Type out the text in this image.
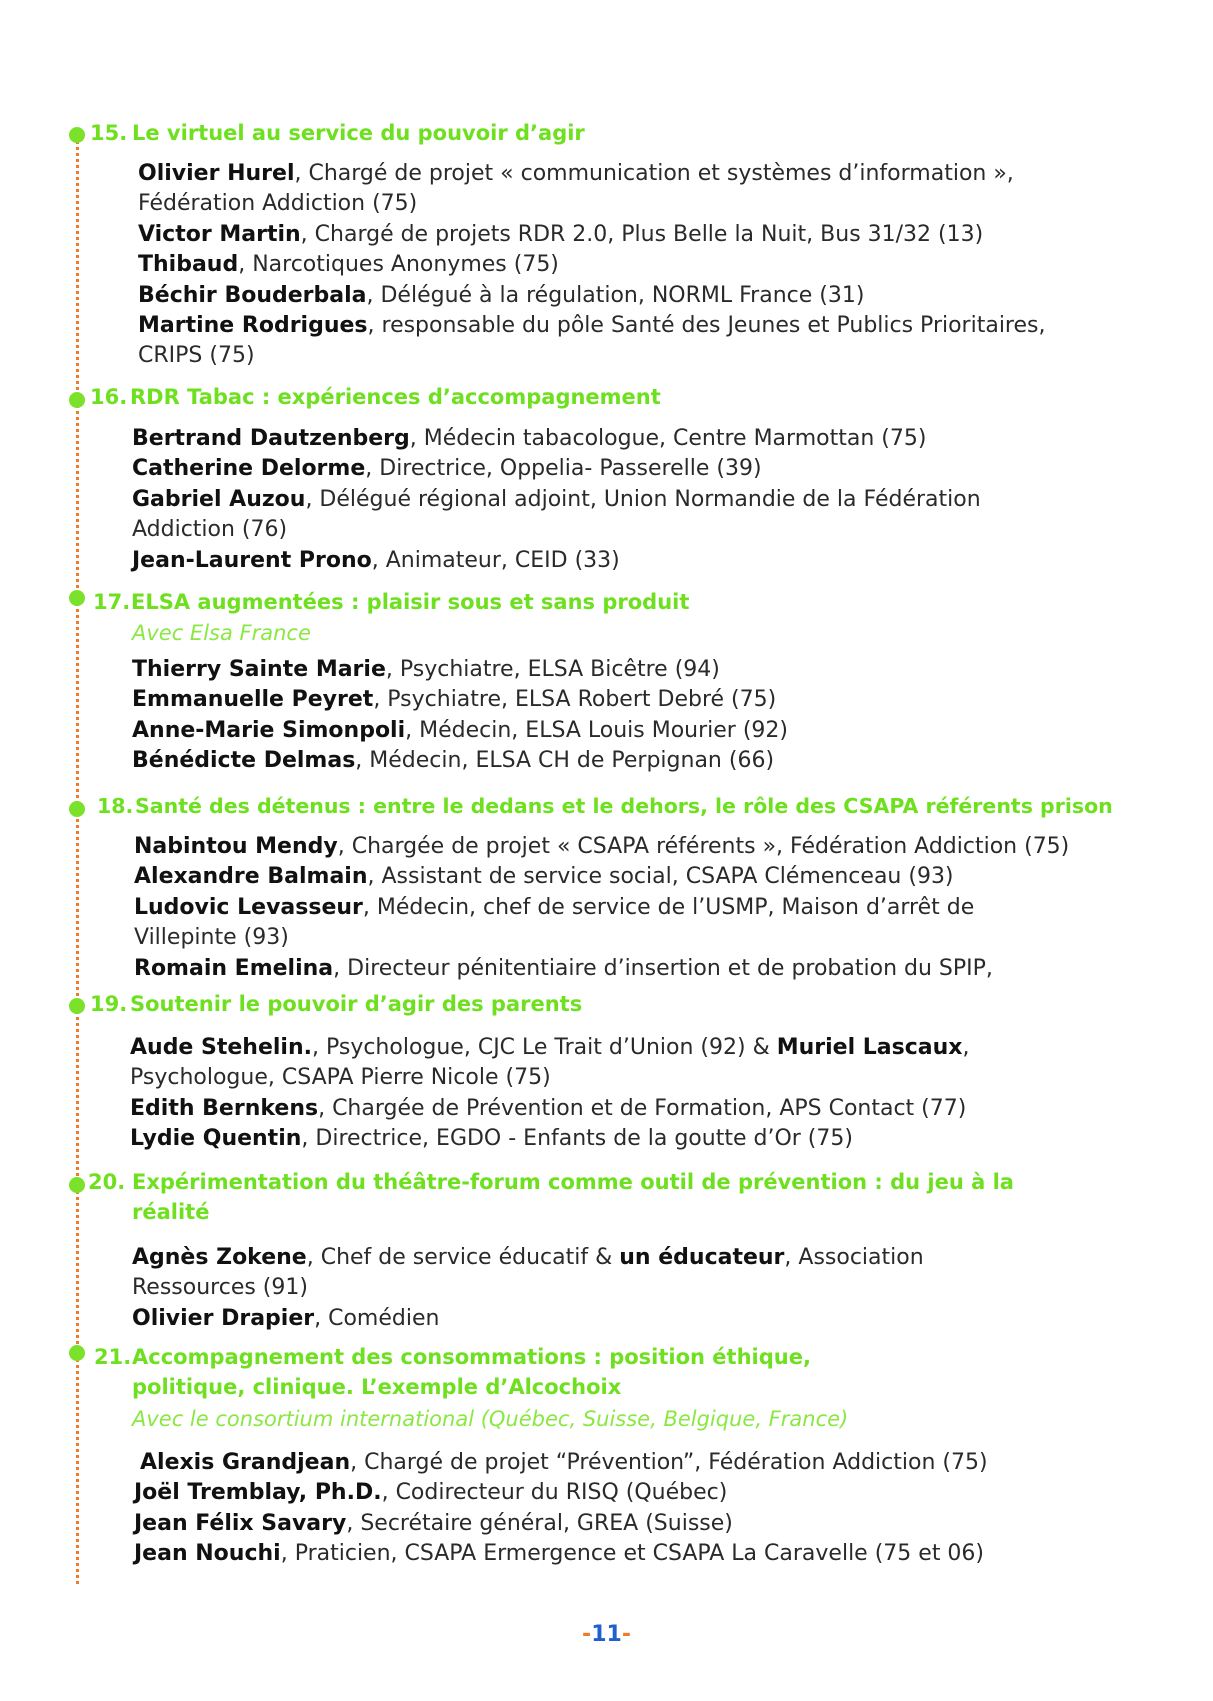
15. Le virtuel au service du pouvoir d’agir
Olivier Hurel, Chargé de projet « communication et systèmes d’information »,
Fédération Addiction (75)
Victor Martin, Chargé de projets RDR 2.0, Plus Belle la Nuit, Bus 31/32 (13)
Thibaud, Narcotiques Anonymes (75)
Béchir Bouderbala, Délégué à la régulation, NORML France (31)
Martine Rodrigues, responsable du pôle Santé des Jeunes et Publics Prioritaires,
CRIPS (75)
16. RDR Tabac : expériences d’accompagnement
Bertrand Dautzenberg, Médecin tabacologue, Centre Marmottan (75)
Catherine Delorme, Directrice, Oppelia- Passerelle (39)
Gabriel Auzou, Délégué régional adjoint, Union Normandie de la Fédération
Addiction (76)
Jean-Laurent Prono, Animateur, CEID (33)
17.ELSA augmentées : plaisir sous et sans produit
Avec Elsa France
Thierry Sainte Marie, Psychiatre, ELSA Bicêtre (94)
Emmanuelle Peyret, Psychiatre, ELSA Robert Debré (75)
Anne-Marie Simonpoli, Médecin, ELSA Louis Mourier (92)
Bénédicte Delmas, Médecin, ELSA CH de Perpignan (66)
18.Santé des détenus : entre le dedans et le dehors, le rôle des CSAPA référents prison
Nabintou Mendy, Chargée de projet « CSAPA référents », Fédération Addiction (75)
Alexandre Balmain, Assistant de service social, CSAPA Clémenceau (93)
Ludovic Levasseur, Médecin, chef de service de l’USMP, Maison d’arrêt de
Villepinte (93)
Romain Emelina, Directeur pénitentiaire d’insertion et de probation du SPIP,
19. Soutenir le pouvoir d’agir des parents
Aude Stehelin., Psychologue, CJC Le Trait d’Union (92) & Muriel Lascaux,
Psychologue, CSAPA Pierre Nicole (75)
Edith Bernkens, Chargée de Prévention et de Formation, APS Contact (77)
Lydie Quentin, Directrice, EGDO - Enfants de la goutte d’Or (75)
20. Expérimentation du théâtre-forum comme outil de prévention : du jeu à la
réalité
Agnès Zokene, Chef de service éducatif & un éducateur, Association
Ressources (91)
Olivier Drapier, Comédien
21.Accompagnement des consommations : position éthique,
politique, clinique. L’exemple d’Alcochoix
Avec le consortium international (Québec, Suisse, Belgique, France)
Alexis Grandjean, Chargé de projet “Prévention”, Fédération Addiction (75)
Joël Tremblay, Ph.D., Codirecteur du RISQ (Québec)
Jean Félix Savary, Secrétaire général, GREA (Suisse)
Jean Nouchi, Praticien, CSAPA Ermergence et CSAPA La Caravelle (75 et 06)
-11-
